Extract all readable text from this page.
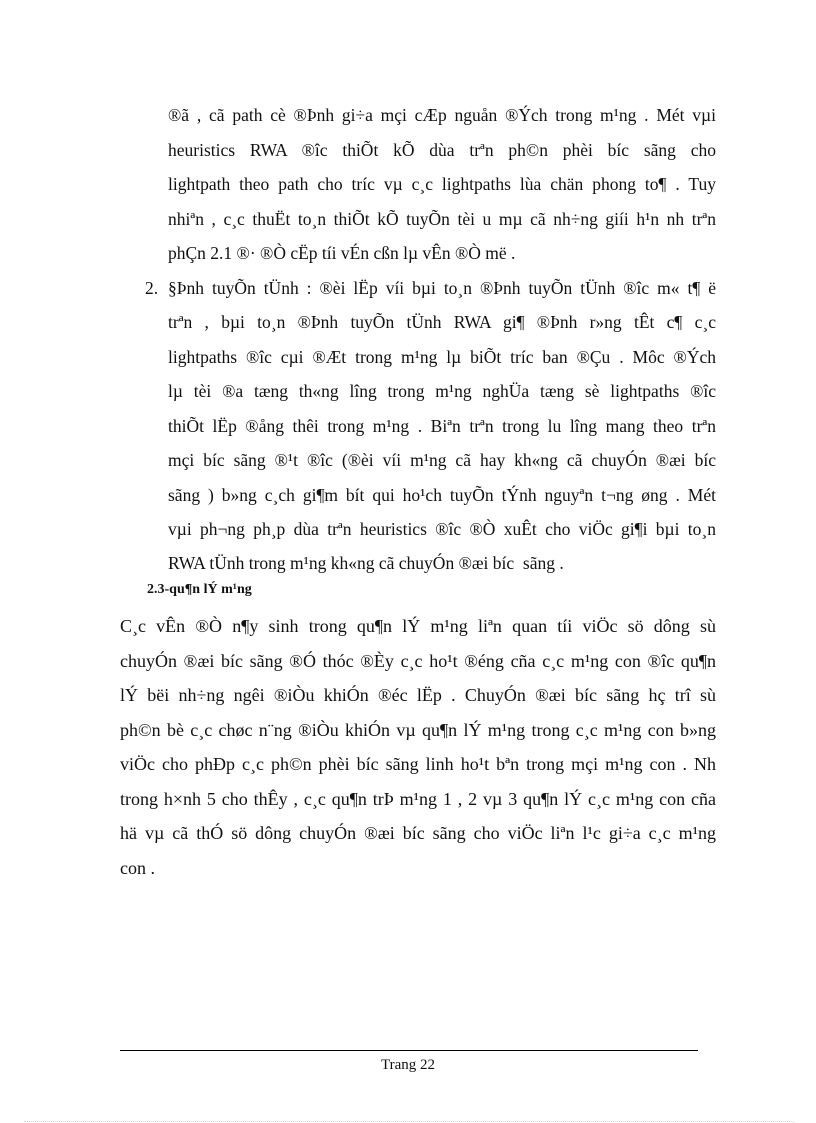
®ã , cã path cè ®Þnh gi÷a mçi cÆp nguån ®Ých trong m¹ng . Mét vµi
heuristics RWA ®îc thiÕt kÕ dùa trªn ph©n phèi bíc sãng cho
lightpath theo path cho tríc vµ c¸c lightpaths lùa chän phong to¶ . Tuy
nhiªn , c¸c thuËt to¸n thiÕt kÕ tuyÕn tèi u mµ cã nh÷ng giíi h¹n nh trªn
phÇn 2.1 ®· ®Ò cËp tíi vÉn cßn lµ vÊn ®Ò më .
2. §Þnh tuyÕn tÜnh : ®èi lËp víi bµi to¸n ®Þnh tuyÕn tÜnh ®îc m« t¶ ë
trªn , bµi to¸n ®Þnh tuyÕn tÜnh RWA gi¶ ®Þnh r»ng tÊt c¶ c¸c
lightpaths ®îc cµi ®Æt trong m¹ng lµ biÕt tríc ban ®Çu . Môc ®Ých
lµ tèi ®a tæng th«ng lîng trong m¹ng nghÜa tæng sè lightpaths ®îc
thiÕt lËp ®ång thêi trong m¹ng . Biªn trªn trong lu lîng mang theo trªn
mçi bíc sãng ®¹t ®îc (®èi víi m¹ng cã hay kh«ng cã chuyÓn ®æi bíc
sãng ) b»ng c¸ch gi¶m bít qui ho¹ch tuyÕn tÝnh nguyªn t¬ng øng . Mét
vµi ph¬ng ph¸p dùa trªn heuristics ®îc ®Ò xuÊt cho viÖc gi¶i bµi to¸n
RWA tÜnh trong m¹ng kh«ng cã chuyÓn ®æi bíc  sãng .
2.3-qu¶n lÝ m¹ng
C¸c vÊn ®Ò n¶y sinh trong qu¶n lÝ m¹ng liªn quan tíi viÖc sö dông sù
chuyÓn ®æi bíc sãng ®Ó thóc ®Èy c¸c ho¹t ®éng cña c¸c m¹ng con ®îc qu¶n
lÝ bëi nh÷ng ngêi ®iÒu khiÓn ®éc lËp . ChuyÓn ®æi bíc sãng hç trî sù
ph©n bè c¸c chøc n¨ng ®iÒu khiÓn vµ qu¶n lÝ m¹ng trong c¸c m¹ng con b»ng
viÖc cho phÐp c¸c ph©n phèi bíc sãng linh ho¹t bªn trong mçi m¹ng con . Nh
trong h×nh 5 cho thÊy , c¸c qu¶n trÞ m¹ng 1 , 2 vµ 3 qu¶n lÝ c¸c m¹ng con cña
hä vµ cã thÓ sö dông chuyÓn ®æi bíc sãng cho viÖc liªn l¹c gi÷a c¸c m¹ng
con .
Trang 22
